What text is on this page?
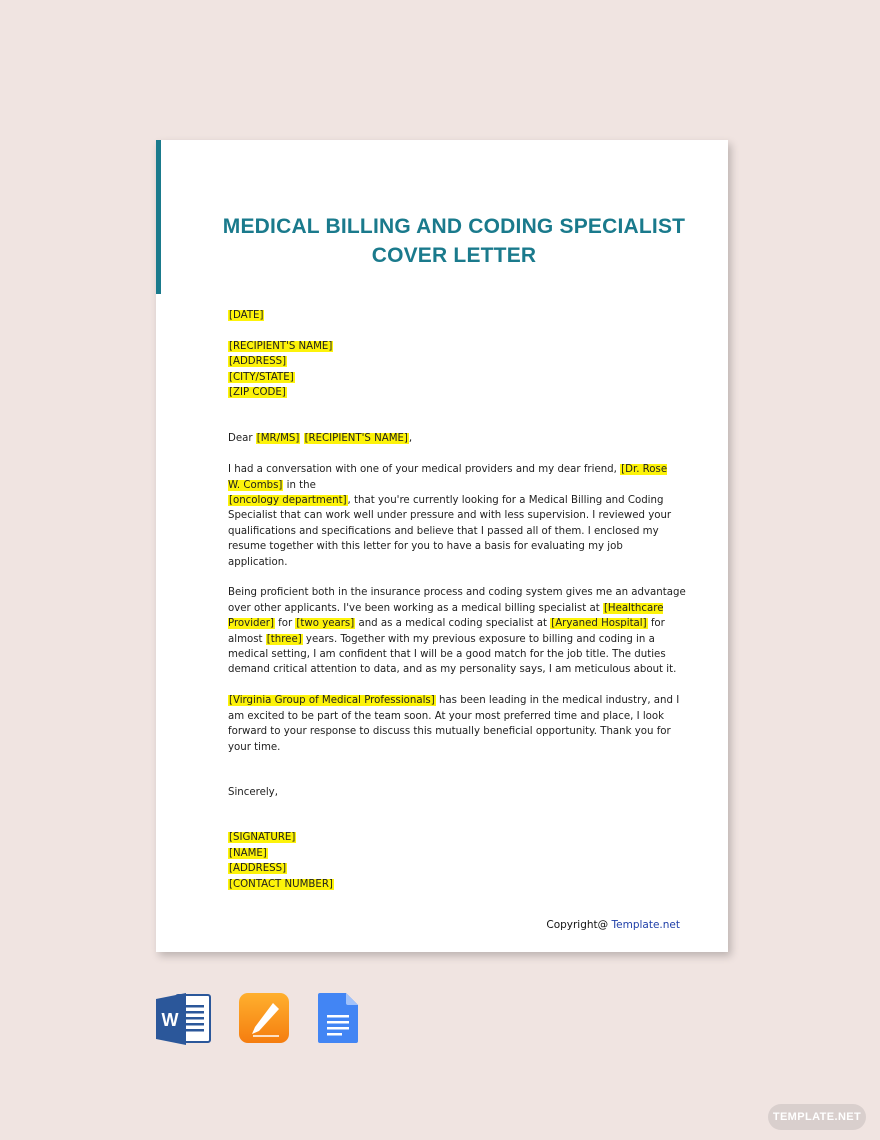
MEDICAL BILLING AND CODING SPECIALIST
COVER LETTER

[DATE]

[RECIPIENT'S NAME]

[ADDRESS]

[CITY/STATE]

[ZIP CODE]

Dear [MR/MS] [RECIPIENT'S NAME],

I had a conversation with one of your medical providers and my dear friend, [Dr. Rose W. Combs] in the
[oncology department], that you're currently looking for a Medical Billing and Coding Specialist that can work well under pressure and with less supervision. I reviewed your qualifications and specifications and believe that I passed all of them. I enclosed my resume together with this letter for you to have a basis for evaluating my job application.

Being proficient both in the insurance process and coding system gives me an advantage over other applicants. I've been working as a medical billing specialist at [Healthcare Provider] for [two years] and as a medical coding specialist at [Aryaned Hospital] for almost [three] years. Together with my previous exposure to billing and coding in a medical setting, I am confident that I will be a good match for the job title. The duties demand critical attention to data, and as my personality says, I am meticulous about it.

[Virginia Group of Medical Professionals] has been leading in the medical industry, and I am excited to be part of the team soon. At your most preferred time and place, I look forward to your response to discuss this mutually beneficial opportunity. Thank you for your time.

Sincerely,

[SIGNATURE]

[NAME]

[ADDRESS]

[CONTACT NUMBER]

Copyright@ Template.net
W
TEMPLATE.NET
